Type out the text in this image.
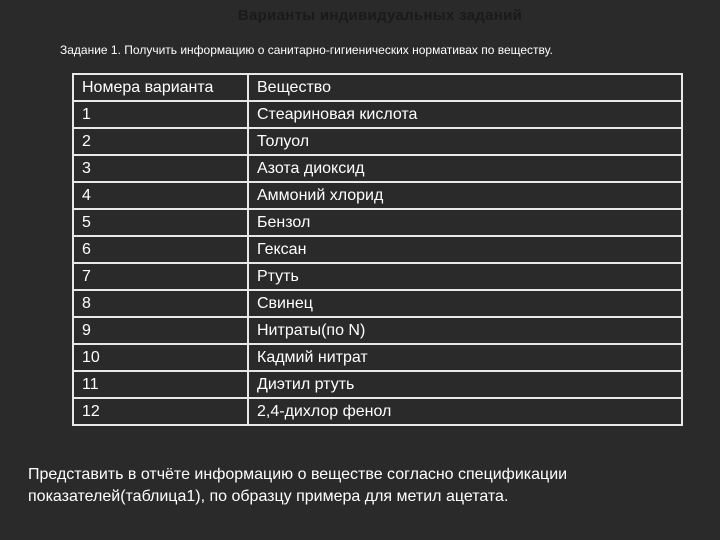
Варианты индивидуальных заданий
Задание 1. Получить информацию о санитарно-гигиенических нормативах по веществу.
Номера варианта	Вещество
1	Стеариновая кислота
2	Толуол
3	Азота диоксид
4	Аммоний хлорид
5	Бензол
6	Гексан
7	Ртуть
8	Свинец
9	Нитраты(по N)
10	Кадмий нитрат
11	Диэтил ртуть
12	2,4-дихлор фенол
Представить в отчёте информацию о веществе согласно спецификации
показателей(таблица1), по образцу примера для метил ацетата.
